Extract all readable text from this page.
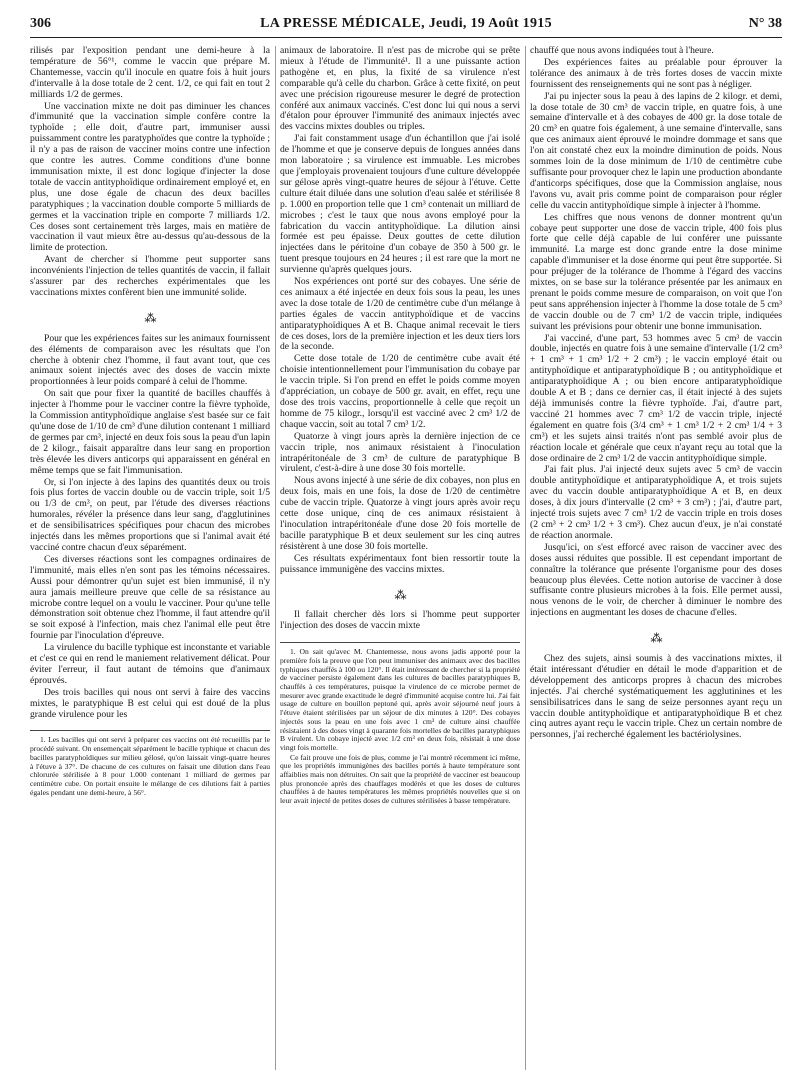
306	LA PRESSE MÉDICALE, Jeudi, 19 Août 1915	N° 38

rilisés par l'exposition pendant une demi-heure à la température de 56°¹, comme le vaccin que prépare M. Chantemesse, vaccin qu'il inocule en quatre fois à huit jours d'intervalle à la dose totale de 2 cent. 1/2, ce qui fait en tout 2 milliards 1/2 de germes.

Une vaccination mixte ne doit pas diminuer les chances d'immunité que la vaccination simple confère contre la typhoïde ; elle doit, d'autre part, immuniser aussi puissamment contre les paratyphoïdes que contre la typhoïde ; il n'y a pas de raison de vacciner moins contre une infection que contre les autres. Comme conditions d'une bonne immunisation mixte, il est donc logique d'injecter la dose totale de vaccin antityphoïdique ordinairement employé et, en plus, une dose égale de chacun des deux bacilles paratyphiques ; la vaccination double comporte 5 milliards de germes et la vaccination triple en comporte 7 milliards 1/2. Ces doses sont certainement très larges, mais en matière de vaccination il vaut mieux être au-dessus qu'au-dessous de la limite de protection.

Avant de chercher si l'homme peut supporter sans inconvénients l'injection de telles quantités de vaccin, il fallait s'assurer par des recherches expérimentales que les vaccinations mixtes confèrent bien une immunité solide.

⁂

Pour que les expériences faites sur les animaux fournissent des éléments de comparaison avec les résultats que l'on cherche à obtenir chez l'homme, il faut avant tout, que ces animaux soient injectés avec des doses de vaccin mixte proportionnées à leur poids comparé à celui de l'homme.

On sait que pour fixer la quantité de bacilles chauffés à injecter à l'homme pour le vacciner contre la fièvre typhoïde, la Commission antityphoïdique anglaise s'est basée sur ce fait qu'une dose de 1/10 de cm³ d'une dilution contenant 1 milliard de germes par cm³, injecté en deux fois sous la peau d'un lapin de 2 kilogr., faisait apparaître dans leur sang en proportion très élevée les divers anticorps qui apparaissent en général en même temps que se fait l'immunisation.

Or, si l'on injecte à des lapins des quantités deux ou trois fois plus fortes de vaccin double ou de vaccin triple, soit 1/5 ou 1/3 de cm³, on peut, par l'étude des diverses réactions humorales, révéler la présence dans leur sang, d'agglutinines et de sensibilisatrices spécifiques pour chacun des microbes injectés dans les mêmes proportions que si l'animal avait été vacciné contre chacun d'eux séparément.

Ces diverses réactions sont les compagnes ordinaires de l'immunité, mais elles n'en sont pas les témoins nécessaires. Aussi pour démontrer qu'un sujet est bien immunisé, il n'y aura jamais meilleure preuve que celle de sa résistance au microbe contre lequel on a voulu le vacciner. Pour qu'une telle démonstration soit obtenue chez l'homme, il faut attendre qu'il se soit exposé à l'infection, mais chez l'animal elle peut être fournie par l'inoculation d'épreuve.

La virulence du bacille typhique est inconstante et variable et c'est ce qui en rend le maniement relativement délicat. Pour éviter l'erreur, il faut autant de témoins que d'animaux éprouvés.

Des trois bacilles qui nous ont servi à faire des vaccins mixtes, le paratyphique B est celui qui est doué de la plus grande virulence pour les

1. Les bacilles qui ont servi à préparer ces vaccins ont été recueillis par le procédé suivant. On ensemençait séparément le bacille typhique et chacun des bacilles paratyphoïdiques sur milieu gélosé, qu'on laissait vingt-quatre heures à l'étuve à 37°. De chacune de ces cultures on faisait une dilution dans l'eau chlorurée stérilisée à 8 pour 1.000 contenant 1 milliard de germes par centimètre cube. On portait ensuite le mélange de ces dilutions fait à parties égales pendant une demi-heure, à 56°.

animaux de laboratoire. Il n'est pas de microbe qui se prête mieux à l'étude de l'immunité¹. Il a une puissante action pathogène et, en plus, la fixité de sa virulence n'est comparable qu'à celle du charbon. Grâce à cette fixité, on peut avec une précision rigoureuse mesurer le degré de protection conféré aux animaux vaccinés. C'est donc lui qui nous a servi d'étalon pour éprouver l'immunité des animaux injectés avec des vaccins mixtes doubles ou triples.

J'ai fait constamment usage d'un échantillon que j'ai isolé de l'homme et que je conserve depuis de longues années dans mon laboratoire ; sa virulence est immuable. Les microbes que j'employais provenaient toujours d'une culture développée sur gélose après vingt-quatre heures de séjour à l'étuve. Cette culture était diluée dans une solution d'eau salée et stérilisée 8 p. 1.000 en proportion telle que 1 cm³ contenait un milliard de microbes ; c'est le taux que nous avons employé pour la fabrication du vaccin antityphoïdique. La dilution ainsi formée est peu épaisse. Deux gouttes de cette dilution injectées dans le péritoine d'un cobaye de 350 à 500 gr. le tuent presque toujours en 24 heures ; il est rare que la mort ne survienne qu'après quelques jours.

Nos expériences ont porté sur des cobayes. Une série de ces animaux a été injectée en deux fois sous la peau, les unes avec la dose totale de 1/20 de centimètre cube d'un mélange à parties égales de vaccin antityphoïdique et de vaccins antiparatyphoïdiques A et B. Chaque animal recevait le tiers de ces doses, lors de la première injection et les deux tiers lors de la seconde.

Cette dose totale de 1/20 de centimètre cube avait été choisie intentionnellement pour l'immunisation du cobaye par le vaccin triple. Si l'on prend en effet le poids comme moyen d'appréciation, un cobaye de 500 gr. avait, en effet, reçu une dose des trois vaccins, proportionnelle à celle que reçoit un homme de 75 kilogr., lorsqu'il est vacciné avec 2 cm³ 1/2 de chaque vaccin, soit au total 7 cm³ 1/2.

Quatorze à vingt jours après la dernière injection de ce vaccin triple, nos animaux résistaient à l'inoculation intrapéritonéale de 3 cm³ de culture de paratyphique B virulent, c'est-à-dire à une dose 30 fois mortelle.

Nous avons injecté à une série de dix cobayes, non plus en deux fois, mais en une fois, la dose de 1/20 de centimètre cube de vaccin triple. Quatorze à vingt jours après avoir reçu cette dose unique, cinq de ces animaux résistaient à l'inoculation intrapéritonéale d'une dose 20 fois mortelle de bacille paratyphique B et deux seulement sur les cinq autres résistèrent à une dose 30 fois mortelle.

Ces résultats expérimentaux font bien ressortir toute la puissance immunigène des vaccins mixtes.

⁂

Il fallait chercher dès lors si l'homme peut supporter l'injection des doses de vaccin mixte

1. On sait qu'avec M. Chantemesse, nous avons jadis apporté pour la première fois la preuve que l'on peut immuniser des animaux avec des bacilles typhiques chauffés à 100 ou 120°. Il était intéressant de chercher si la propriété de vacciner persiste également dans les cultures de bacilles paratyphiques B, chauffés à ces températures, puisque la virulence de ce microbe permet de mesurer avec grande exactitude le degré d'immunité acquise contre lui. J'ai fait usage de culture en bouillon peptoné qui, après avoir séjourné neuf jours à l'étuve étaient stérilisées par un séjour de dix minutes à 120°. Des cobayes injectés sous la peau en une fois avec 1 cm³ de culture ainsi chauffée résistaient à des doses vingt à quarante fois mortelles de bacilles paratyphiques B virulent. Un cobaye injecté avec 1/2 cm³ en deux fois, résistait à une dose vingt fois mortelle.

Ce fait prouve une fois de plus, comme je l'ai montré récemment ici même, que les propriétés immunigènes des bacilles portés à haute température sont affaiblies mais non détruites. On sait que la propriété de vacciner est beaucoup plus prononcée après des chauffages modérés et que les doses de cultures chauffées à de hautes températures les mêmes propriétés nouvelles que si on leur avait injecté de petites doses de cultures stérilisées à basse température.

chauffé que nous avons indiquées tout à l'heure.

Des expériences faites au préalable pour éprouver la tolérance des animaux à de très fortes doses de vaccin mixte fournissent des renseignements qui ne sont pas à négliger.

J'ai pu injecter sous la peau à des lapins de 2 kilogr. et demi, la dose totale de 30 cm³ de vaccin triple, en quatre fois, à une semaine d'intervalle et à des cobayes de 400 gr. la dose totale de 20 cm³ en quatre fois également, à une semaine d'intervalle, sans que ces animaux aient éprouvé le moindre dommage et sans que l'on ait constaté chez eux la moindre diminution de poids. Nous sommes loin de la dose minimum de 1/10 de centimètre cube suffisante pour provoquer chez le lapin une production abondante d'anticorps spécifiques, dose que la Commission anglaise, nous l'avons vu, avait pris comme point de comparaison pour régler celle du vaccin antityphoïdique simple à injecter à l'homme.

Les chiffres que nous venons de donner montrent qu'un cobaye peut supporter une dose de vaccin triple, 400 fois plus forte que celle déjà capable de lui conférer une puissante immunité. La marge est donc grande entre la dose minime capable d'immuniser et la dose énorme qui peut être supportée. Si pour préjuger de la tolérance de l'homme à l'égard des vaccins mixtes, on se base sur la tolérance présentée par les animaux en prenant le poids comme mesure de comparaison, on voit que l'on peut sans appréhension injecter à l'homme la dose totale de 5 cm³ de vaccin double ou de 7 cm³ 1/2 de vaccin triple, indiquées suivant les prévisions pour obtenir une bonne immunisation.

J'ai vacciné, d'une part, 53 hommes avec 5 cm³ de vaccin double, injectés en quatre fois à une semaine d'intervalle (1/2 cm³ + 1 cm³ + 1 cm³ 1/2 + 2 cm³) ; le vaccin employé était ou antityphoïdique et antiparatyphoïdique B ; ou antityphoïdique et antiparatyphoïdique A ; ou bien encore antiparatyphoïdique double A et B ; dans ce dernier cas, il était injecté à des sujets déjà immunisés contre la fièvre typhoïde. J'ai, d'autre part, vacciné 21 hommes avec 7 cm³ 1/2 de vaccin triple, injecté également en quatre fois (3/4 cm³ + 1 cm³ 1/2 + 2 cm³ 1/4 + 3 cm³) et les sujets ainsi traités n'ont pas semblé avoir plus de réaction locale et générale que ceux n'ayant reçu au total que la dose ordinaire de 2 cm³ 1/2 de vaccin antityphoïdique simple.

J'ai fait plus. J'ai injecté deux sujets avec 5 cm³ de vaccin double antityphoïdique et antiparatyphoïdique A, et trois sujets avec du vaccin double antiparatyphoïdique A et B, en deux doses, à dix jours d'intervalle (2 cm³ + 3 cm³) ; j'ai, d'autre part, injecté trois sujets avec 7 cm³ 1/2 de vaccin triple en trois doses (2 cm³ + 2 cm³ 1/2 + 3 cm³). Chez aucun d'eux, je n'ai constaté de réaction anormale.

Jusqu'ici, on s'est efforcé avec raison de vacciner avec des doses aussi réduites que possible. Il est cependant important de connaître la tolérance que présente l'organisme pour des doses beaucoup plus élevées. Cette notion autorise de vacciner à dose suffisante contre plusieurs microbes à la fois. Elle permet aussi, nous venons de le voir, de chercher à diminuer le nombre des injections en augmentant les doses de chacune d'elles.

⁂

Chez des sujets, ainsi soumis à des vaccinations mixtes, il était intéressant d'étudier en détail le mode d'apparition et de développement des anticorps propres à chacun des microbes injectés. J'ai cherché systématiquement les agglutinines et les sensibilisatrices dans le sang de seize personnes ayant reçu un vaccin double antityphoïdique et antiparatyphoïdique B et chez cinq autres ayant reçu le vaccin triple. Chez un certain nombre de personnes, j'ai recherché également les bactériolysines.
